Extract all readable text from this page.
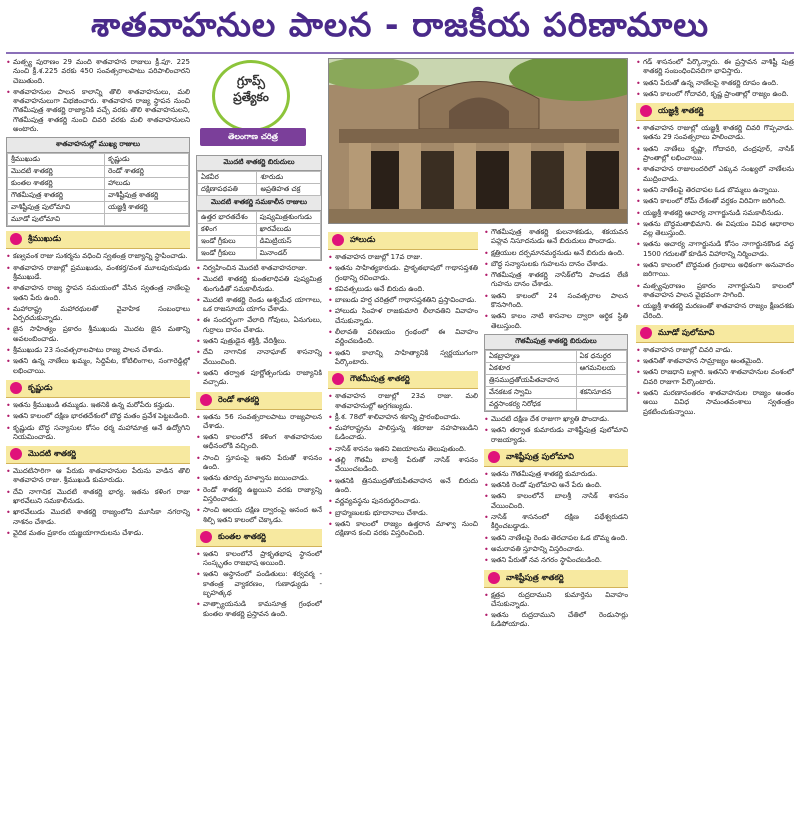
శాతవాహనుల పాలన - రాజకీయ పరిణామాలు
• మత్స్య పురాణం 29 మంది శాతవాహన రాజులు క్రీ.పూ. 225 నుంచి క్రీ.శ.225 వరకు 450 సంవత్సరాలపాటు పరిపాలించారని చెబుతుంది.
• శాతవాహనుల పాలన కాలాన్ని తొలి శాతవాహనులు, మలి శాతవాహనులుగా విభజించారు. శాతవాహన రాజ్య స్థాపన నుంచి గౌతమీపుత్ర శాతకర్ణి రాజ్యానికి వచ్చే వరకు తొలి శాతవాహనులని, గౌతమీపుత్ర శాతకర్ణి నుంచి చివరి వరకు మలి శాతవాహనులని అంటారు.
శాతవాహనుల్లో ముఖ్య రాజులు
శ్రీముఖుడు	కృష్ణుడు
మొదటి శాతకర్ణి	రెండో శాతకర్ణి
కుంతల శాతకర్ణి	హాలుడు
గౌతమీపుత్ర శాతకర్ణి	వాశిష్టీపుత్ర శాతకర్ణి
వాశిష్టీపుత్ర పులోమావి	యజ్ఞశ్రీ శాతకర్ణి
మూడో పులోమావి	
శ్రీముఖుడు
• కణ్వవంశ రాజు సుశర్మను వధించి స్వతంత్ర రాజ్యాన్ని స్థాపించాడు.
• శాతవాహన రాజుల్లో ప్రముఖుడు, వంశకర్త/వంశ మూలపురుషుడు శ్రీముఖుడే.
• శాతవాహన రాజ్య స్థాపన సమయంలో వేసిన స్వతంత్ర నాణేలపై ఇతని పేరు ఉంది.
• మహారాష్ట్ర మహారథులతో వైవాహిక సంబంధాలు ఏర్పరచుకున్నాడు.
• జైన సాహిత్యం ప్రకారం శ్రీముఖుడు మొదట జైన మతాన్ని అవలంబించాడు.
• శ్రీముఖుడు 23 సంవత్సరాలపాటు రాజ్య పాలన చేశాడు.
• ఇతని ఉన్న నాణేలు ఖమ్మం, సిద్దిపేట, కోటిలింగాల, సంగారెడ్డిల్లో లభించాయి.
కృష్ణుడు
• ఇతను శ్రీముఖుడి తమ్ముడు. ఇతనికి ఉన్న మరోపేరు కన్హుడు.
• ఇతని కాలంలో దక్షిణ భారతదేశంలో బౌద్ధ మతం ప్రవేశ పెట్టబడింది.
• కృష్ణుడు బౌద్ధ సన్యాసుల కోసం ధర్మ మహామాత్ర అనే ఉద్యోగిని నియమించాడు.
మొదటి శాతకర్ణి
• మొదటిసారిగా ఆ పేరుకు శాతవాహనుల పేరును వాడిన తొలి శాతవాహన రాజు. శ్రీముఖుడి కుమారుడు.
• దేవి నాగానిక మొదటి శాతకర్ణి భార్య. ఇతను కళింగ రాజు ఖారవేలుని సమకాలీనుడు.
• ఖారవేలుడు మొదటి శాతకర్ణి రాజ్యంలోని మూసికా నగరాన్ని నాశనం చేశాడు.
• వైదిక మతం ప్రకారం యజ్ఞయాగాదులను చేశాడు.
గ్రూప్స్
ప్రత్యేకం
తెలంగాణ చరిత్ర
మొదటి శాతకర్ణి బిరుదులు
ఏకవీర	శూరుడు
దక్షిణాపథపతి	అప్రతిహత చక్ర
మొదటి శాతకర్ణి సమకాలీన రాజులు
ఉత్తర భారతదేశం	పుష్యమిత్రశుంగుడు
కళింగ	ఖారవేలుడు
ఇండో గ్రీకులు	డిమిట్రియస్
ఇండో గ్రీకులు	మినాండర్
• నిర్వహించిన మొదటి శాతవాహనరాజు.
• మొదటి శాతకర్ణి కుంతలాధిపతి పుష్యమిత్ర శుంగుడితో సమకాలీనుడు.
• మొదటి శాతకర్ణి రెండు అశ్వమేధ యాగాలు, ఒక రాజసూయ యాగం చేశాడు.
• ఈ సందర్భంగా వేలాది గోవులు, ఏనుగులు, గుర్రాలు దానం చేశాడు.
• ఇతని పుత్రుడైన శక్తిశ్రీ, వేదిశ్రీలు.
• దేవి నాగానిక నానాఘాట్ శాసనాన్ని వేయించింది.
• ఇతని తర్వాత పూర్ణోత్సంగుడు రాజ్యానికి వచ్చాడు.
రెండో శాతకర్ణి
• ఇతను 56 సంవత్సరాలపాటు రాజ్యపాలన చేశాడు.
• ఇతని కాలంలోనే కళింగ శాతవాహనుల ఆధీనంలోకి వచ్చింది.
• సాంచి స్తూపంపై ఇతని పేరుతో శాసనం ఉంది.
• ఇతను తూర్పు మాళ్వాను జయించాడు.
• రెండో శాతకర్ణి ఉజ్జయిని వరకు రాజ్యాన్ని విస్తరించాడు.
• సాంచి ఆలయ దక్షిణ ద్వారంపై ఆనంద అనే శిల్పి ఇతని కాలంలో చెక్కాడు.
కుంతల శాతకర్ణి
• ఇతని కాలంలోనే ప్రాకృతభాష స్థానంలో సంస్కృతం రాజభాష అయింది.
• ఇతని ఆస్థానంలో పండితులు: శర్వవర్మ - కాతంత్ర వ్యాకరణం, గుణాఢ్యుడు - బృహత్కథ
• వాత్స్యాయనుడి కామసూత్ర గ్రంథంలో కుంతల శాతకర్ణి ప్రస్తావన ఉంది.
హాలుడు
• శాతవాహన రాజుల్లో 17వ రాజు.
• ఇతను సాహిత్యకారుడు. ప్రాకృతభాషలో గాథాసప్తశతి గ్రంథాన్ని రచించాడు.
• కవివత్సలుడు అనే బిరుదు ఉంది.
• బాణుడు హర్ష చరిత్రలో గాథాసప్తశతిని ప్రస్తావించాడు.
• హాలుడు సింహళ రాజకుమారి లీలావతిని వివాహం చేసుకున్నాడు.
• లీలావతి పరిణయం గ్రంథంలో ఈ వివాహం వర్ణించబడింది.
• ఇతని కాలాన్ని సాహిత్యానికి స్వర్ణయుగంగా పేర్కొంటారు.
గౌతమీపుత్ర శాతకర్ణి
• శాతవాహన రాజుల్లో 23వ రాజు. మలి శాతవాహనుల్లో అగ్రగణ్యుడు.
• క్రీ.శ. 78లో శాలివాహన శకాన్ని ప్రారంభించాడు.
• మహారాష్ట్రను పాలిస్తున్న శకరాజు నహపాణుడిని ఓడించాడు.
• నాసిక్ శాసనం ఇతని విజయాలను తెలుపుతుంది.
• తల్లి గౌతమీ బాలశ్రీ పేరుతో నాసిక్ శాసనం వేయించబడింది.
• ఇతనికి త్రిసముద్రతోయపీతవాహన అనే బిరుదు ఉంది.
• వర్ణవ్యవస్థను పునరుద్ధరించాడు.
• బ్రాహ్మణులకు భూదానాలు చేశాడు.
• ఇతని కాలంలో రాజ్యం ఉత్తరాన మాళ్వా నుంచి దక్షిణాన కంచి వరకు విస్తరించింది.
• గౌతమీపుత్ర శాతకర్ణి కులనాశకుడు, శకయవన పహ్లవ నిసూదనుడు అనే బిరుదులు పొందాడు.
• క్షత్రియుల దర్పమానమర్దనుడు అనే బిరుదు ఉంది.
• బౌద్ధ సన్యాసులకు గుహలను దానం చేశాడు.
• గౌతమీపుత్ర శాతకర్ణి నాసిక్‌లోని పాండవ లేణి గుహను దానం చేశాడు.
• ఇతని కాలంలో 24 సంవత్సరాల పాలన కొనసాగింది.
• ఇతని కాలం నాటి శాసనాల ద్వారా ఆర్థిక స్థితి తెలుస్తుంది.
గౌతమీపుత్ర శాతకర్ణి బిరుదులు
ఏకబ్రాహ్మణ	ఏక ధనుర్ధర
ఏకశూర	ఆగమనిలయ
త్రిసముద్రతోయపీతవాహన	
వేనకటక స్వామి	శకనిసూదన
వర్ణసాంకర్య నిరోధక	
• మొదటి దక్షిణ దేశ రాజుగా ఖ్యాతి పొందాడు.
• ఇతని తర్వాత కుమారుడు వాశిష్టీపుత్ర పులోమావి రాజయ్యాడు.
వాశిష్టీపుత్ర పులోమావి
• ఇతను గౌతమీపుత్ర శాతకర్ణి కుమారుడు.
• ఇతనికి రెండో పులోమావి అనే పేరు ఉంది.
• ఇతని కాలంలోనే బాలశ్రీ నాసిక్ శాసనం వేయించింది.
• నాసిక్ శాసనంలో దక్షిణ పథేశ్వరుడని కీర్తించబడ్డాడు.
• ఇతని నాణేలపై రెండు తెరచాపల ఓడ బొమ్మ ఉంది.
• అమరావతి స్తూపాన్ని విస్తరించాడు.
• ఇతని పేరుతో నవ నగరం స్థాపించబడింది.
వాశిష్టీపుత్ర శాతకర్ణి
• క్షత్రప రుద్రదాముని కుమార్తెను వివాహం చేసుకున్నాడు.
• ఇతను రుద్రదాముని చేతిలో రెండుసార్లు ఓడిపోయాడు.
• గడ్ శాసనంలో పేర్కొన్నారు. ఈ ప్రస్తావన వాశిష్టీ పుత్ర శాతకర్ణి సంబంధించినదిగా భావిస్తారు.
• ఇతని పేరుతో ఉన్న నాణేలపై శాతకర్ణి రూపం ఉంది.
• ఇతని కాలంలో గోదావరి, కృష్ణ ప్రాంతాల్లో రాజ్యం ఉంది.
యజ్ఞశ్రీ శాతకర్ణి
• శాతవాహన రాజుల్లో యజ్ఞశ్రీ శాతకర్ణి చివరి గొప్పవాడు. ఇతను 29 సంవత్సరాలు పాలించాడు.
• ఇతని నాణేలు కృష్ణా, గోదావరి, చంద్రపూర్, నాసిక్ ప్రాంతాల్లో లభించాయి.
• శాతవాహన రాజులందరిలో ఎక్కువ సంఖ్యలో నాణేలను ముద్రించాడు.
• ఇతని నాణేలపై తెరచాపల ఓడ బొమ్మలు ఉన్నాయి.
• ఇతని కాలంలో రోమ్ దేశంతో వర్తకం విరివిగా జరిగింది.
• యజ్ఞశ్రీ శాతకర్ణి ఆచార్య నాగార్జునుడి సమకాలీనుడు.
• ఇతను బౌద్ధమతాభిమాని. ఈ విషయం వివిధ ఆధారాల వల్ల తెలుస్తుంది.
• ఇతను ఆచార్య నాగార్జునుడి కోసం నాగార్జునకొండ వద్ద 1500 గదులతో కూడిన విహారాన్ని నిర్మించాడు.
• ఇతని కాలంలో బౌద్ధమత గ్రంథాలు అధికంగా అనువాదం జరిగాయి.
• మత్స్యపురాణం ప్రకారం నాగార్జునుని కాలంలో శాతవాహన పాలన వైభవంగా సాగింది.
• యజ్ఞశ్రీ శాతకర్ణి మరణంతో శాతవాహన రాజ్యం క్షీణదశకు చేరింది.
మూడో పులోమావి
• శాతవాహన రాజుల్లో చివరి వాడు.
• ఇతనితో శాతవాహన సామ్రాజ్యం అంతమైంది.
• ఇతని రాజధాని బళ్లారి. ఇతనిని శాతవాహనుల వంశంలో చివరి రాజుగా పేర్కొంటారు.
• ఇతని మరణానంతరం శాతవాహనుల రాజ్యం అంతం అయి వివిధ సామంతవంశాలు స్వతంత్రం ప్రకటించుకున్నాయి.
